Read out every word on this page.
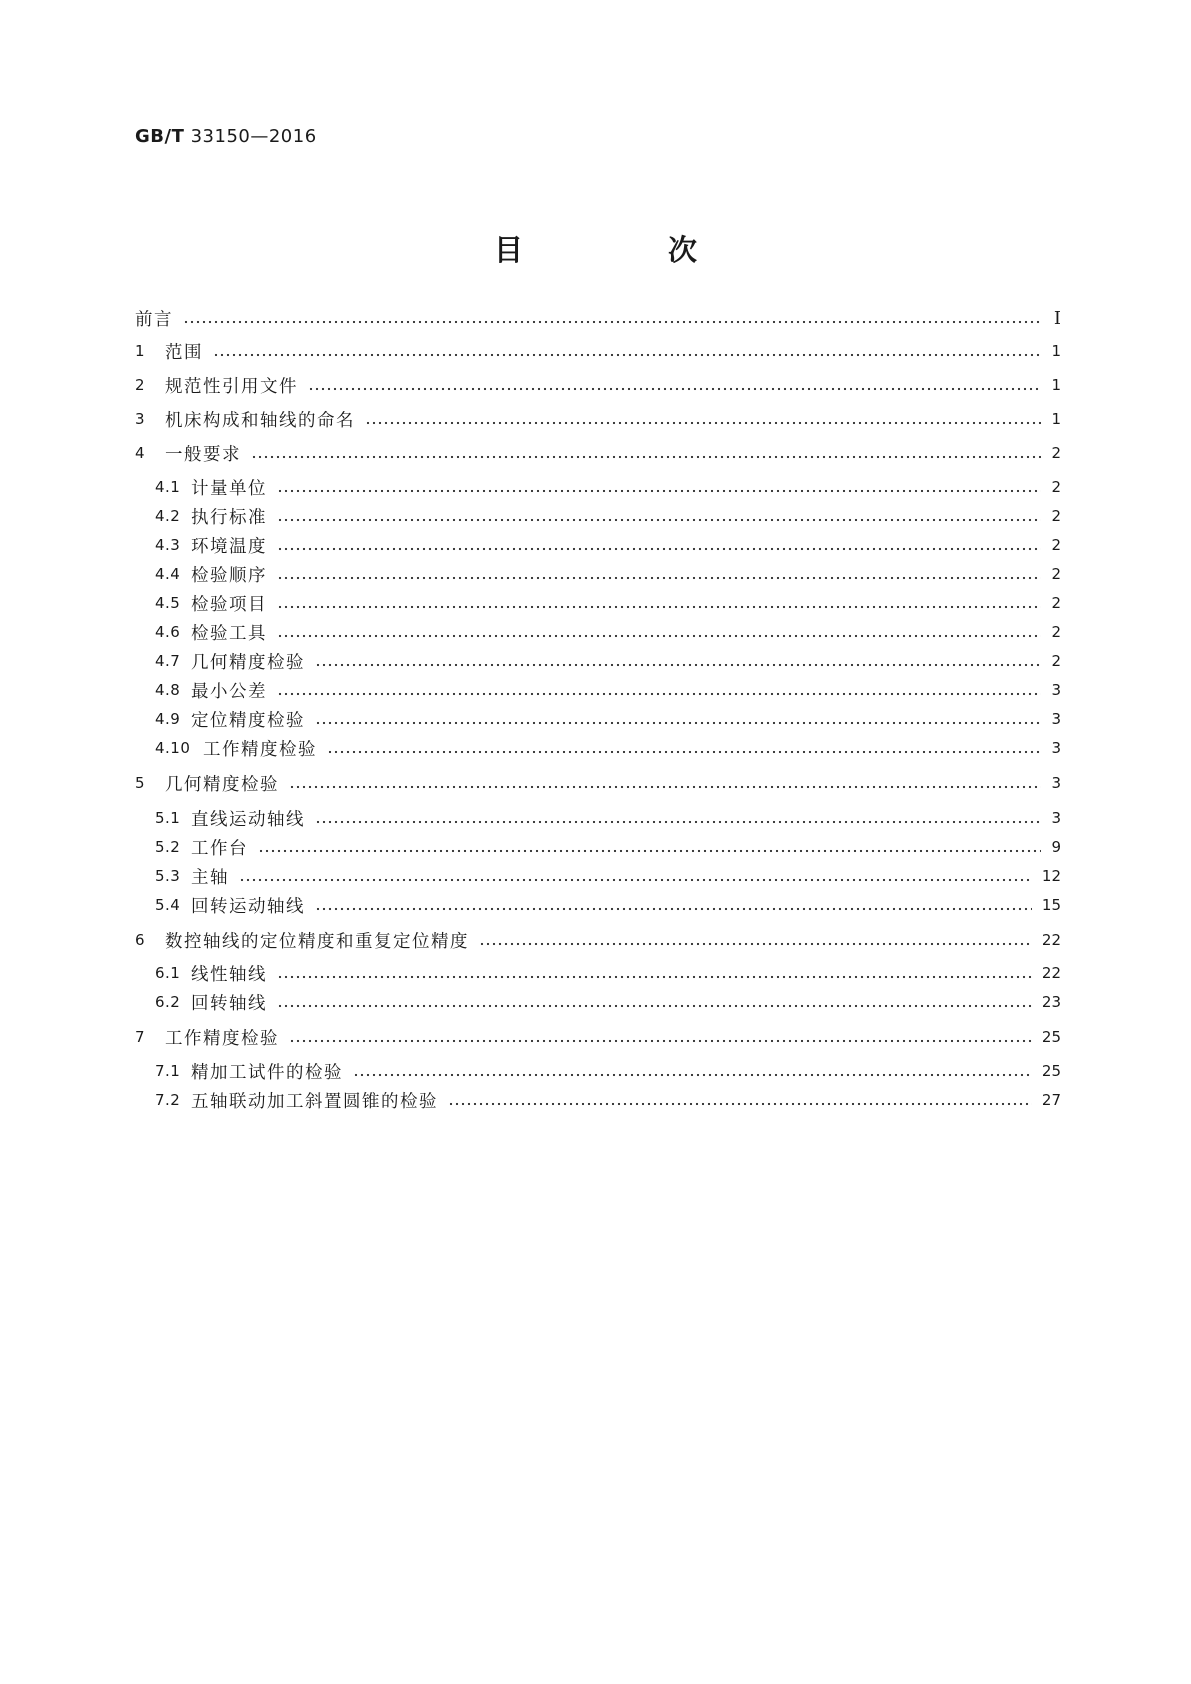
GB/T 33150—2016
目　次
前言	Ⅰ
1	范围	1
2	规范性引用文件	1
3	机床构成和轴线的命名	1
4	一般要求	2
4.1 计量单位	2
4.2 执行标准	2
4.3 环境温度	2
4.4 检验顺序	2
4.5 检验项目	2
4.6 检验工具	2
4.7 几何精度检验	2
4.8 最小公差	3
4.9 定位精度检验	3
4.10 工作精度检验	3
5	几何精度检验	3
5.1 直线运动轴线	3
5.2 工作台	9
5.3 主轴	12
5.4 回转运动轴线	15
6	数控轴线的定位精度和重复定位精度	22
6.1 线性轴线	22
6.2 回转轴线	23
7	工作精度检验	25
7.1 精加工试件的检验	25
7.2 五轴联动加工斜置圆锥的检验	27
